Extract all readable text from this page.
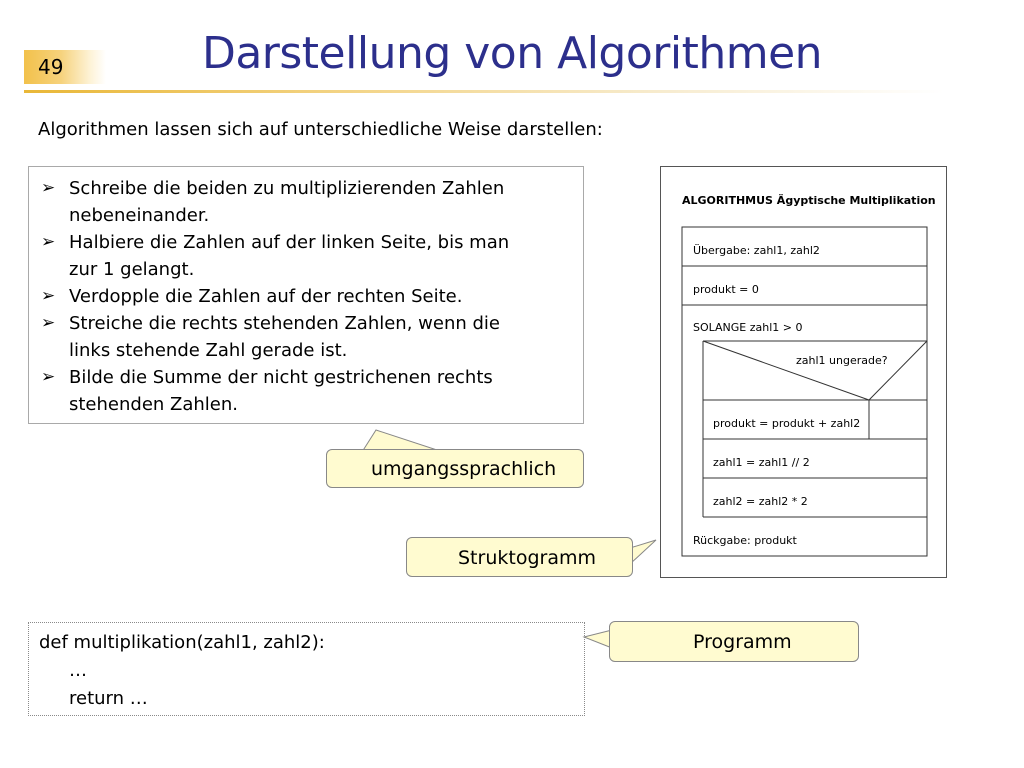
49	Darstellung von Algorithmen
Algorithmen lassen sich auf unterschiedliche Weise darstellen:
➢ Schreibe die beiden zu multiplizierenden Zahlen
nebeneinander.
➢ Halbiere die Zahlen auf der linken Seite, bis man
zur 1 gelangt.
➢ Verdopple die Zahlen auf der rechten Seite.
➢ Streiche die rechts stehenden Zahlen, wenn die
links stehende Zahl gerade ist.
➢ Bilde die Summe der nicht gestrichenen rechts
stehenden Zahlen.
umgangssprachlich
Struktogramm
Programm
def multiplikation(zahl1, zahl2):
…
return …
ALGORITHMUS Ägyptische Multiplikation
Übergabe: zahl1, zahl2
produkt = 0
SOLANGE zahl1 > 0
zahl1 ungerade?
produkt = produkt + zahl2
zahl1 = zahl1 // 2
zahl2 = zahl2 * 2
Rückgabe: produkt
